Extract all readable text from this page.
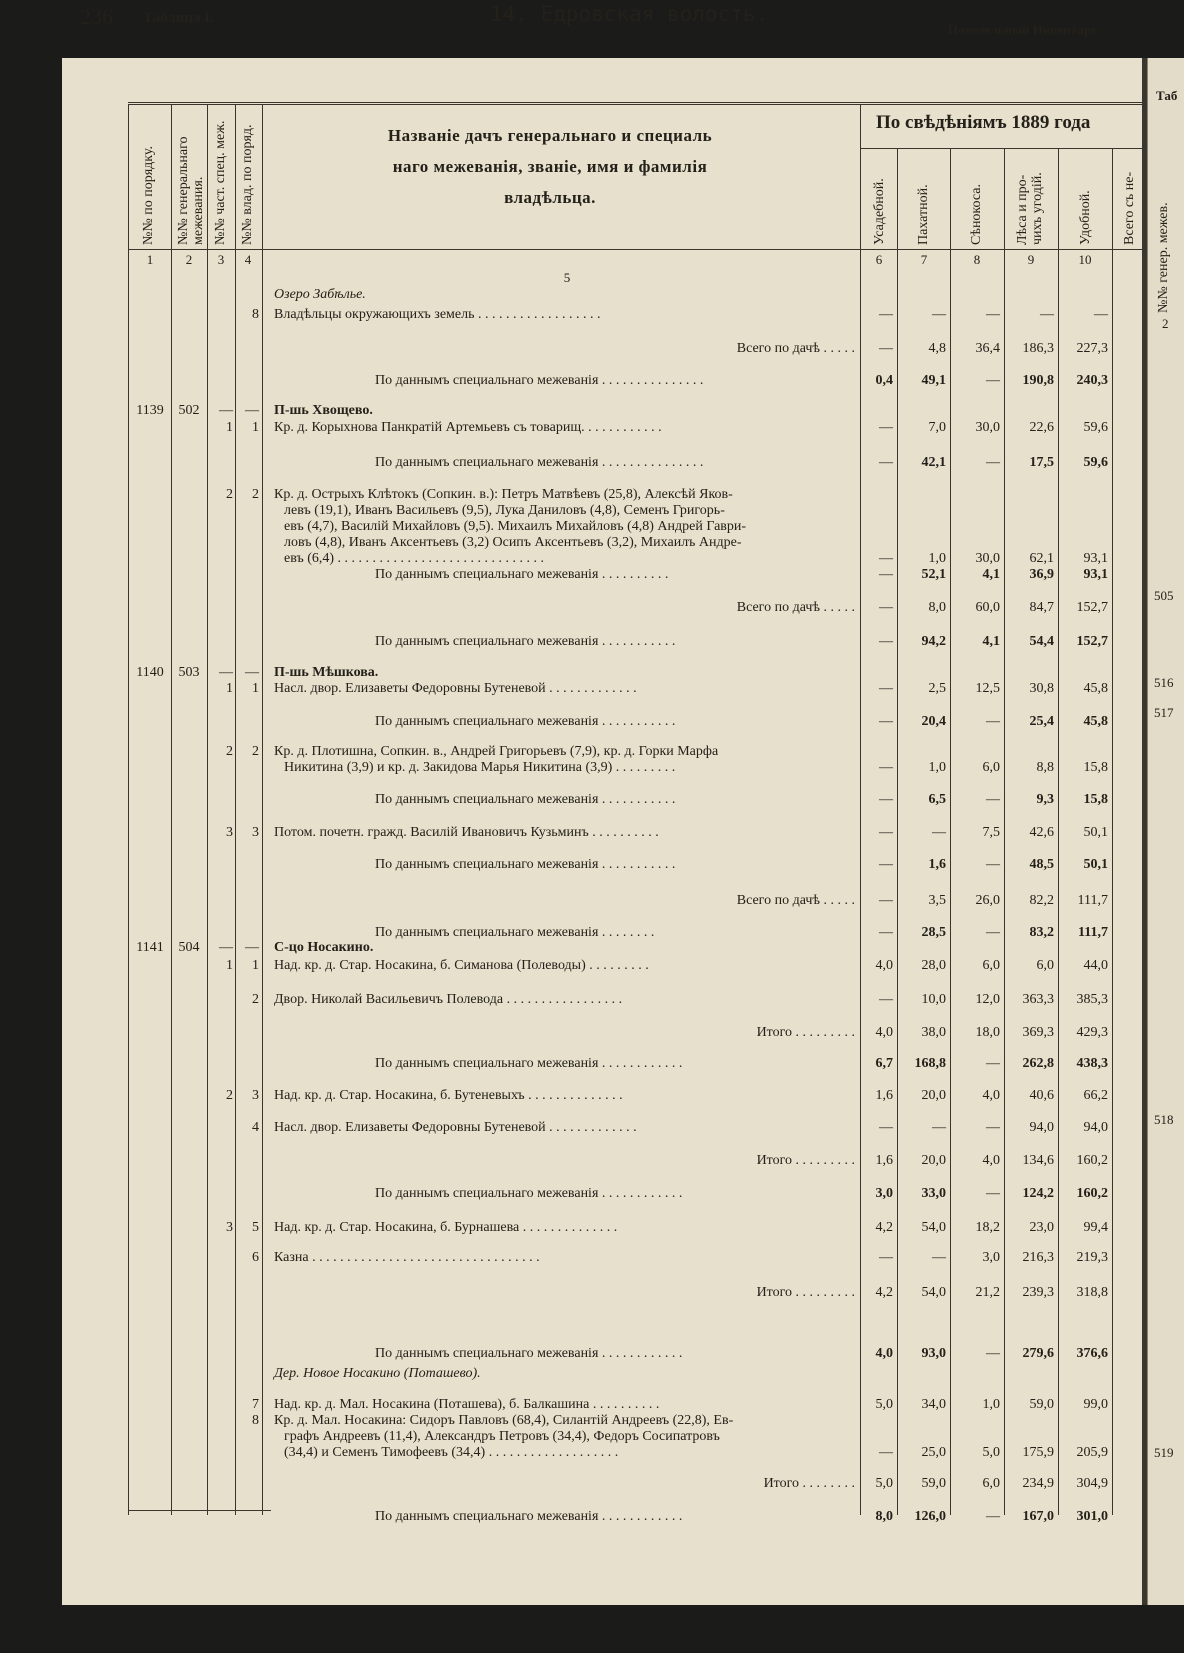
Таб
№№ генер. межев.
2
505
516
517
518
519
236 Таблица I.	14. Едровская волость.
Поземельный Инвентарь
№№ по порядку. №№ генеральнаго межевания. №№ част. спец. меж. №№ влад. по поряд.	Усадебной. Пахатной.	Сѣнокоса. Лѣса и про- чихъ угодій. Удобной. Всего съ не-
Названіе дачъ генеральнаго и специаль
наго межеванія, званіе, имя и фамилія
владѣльца.
По свѣдѣніямъ 1889 года
1	2	3	4
5
6	7	8	9	10
Озеро Забѣлье.
8 Владѣльцы окружающихъ земель . . . . . . . . . . . . . . . . . .	—	—	—	—	—
Всего по дачѣ . . . . . —	4,8 36,4 186,3 227,3
По даннымъ специальнаго межеванія . . . . . . . . . . . . . . .	0,4 49,1	— 190,8 240,3
1139	502	— — П-шь Хвощево.
1	1 Кр. д. Корыхнова Панкратій Артемьевъ съ товарищ. . . . . . . . . . . .	—	7,0 30,0 22,6 59,6
По даннымъ специальнаго межеванія . . . . . . . . . . . . . . .	— 42,1	— 17,5 59,6
2	2 Кр. д. Острыхъ Клѣтокъ (Сопкин. в.): Петръ Матвѣевъ (25,8), Алексѣй Яков-
левъ (19,1), Иванъ Васильевъ (9,5), Лука Даниловъ (4,8), Семенъ Григорь-
евъ (4,7), Василій Михайловъ (9,5). Михаилъ Михайловъ (4,8) Андрей Гаври-
ловъ (4,8), Иванъ Аксентьевъ (3,2) Осипъ Аксентьевъ (3,2), Михаилъ Андре-
евъ (6,4) . . . . . . . . . . . . . . . . . . . . . . . . . . . . . .	—	1,0 30,0 62,1 93,1
По даннымъ специальнаго межеванія . . . . . . . . . .	— 52,1	4,1 36,9 93,1
Всего по дачѣ . . . . . —	8,0 60,0 84,7 152,7
По даннымъ специальнаго межеванія . . . . . . . . . . .	— 94,2	4,1 54,4 152,7
1140	503	— — П-шь Мѣшкова.
1	1 Насл. двор. Елизаветы Федоровны Бутеневой . . . . . . . . . . . . .	—	2,5 12,5 30,8 45,8
По даннымъ специальнаго межеванія . . . . . . . . . . .	— 20,4	— 25,4 45,8
2	2 Кр. д. Плотишна, Сопкин. в., Андрей Григорьевъ (7,9), кр. д. Горки Марфа
Никитина (3,9) и кр. д. Закидова Марья Никитина (3,9) . . . . . . . . .	—	1,0	6,0	8,8 15,8
По даннымъ специальнаго межеванія . . . . . . . . . . .	—	6,5	—	9,3 15,8
3	3 Потом. почетн. гражд. Василій Ивановичъ Кузьминъ . . . . . . . . . .	—	—	7,5 42,6 50,1
По даннымъ специальнаго межеванія . . . . . . . . . . .	—	1,6	— 48,5 50,1
Всего по дачѣ . . . . . —	3,5 26,0 82,2 111,7
По даннымъ специальнаго межеванія . . . . . . . .	— 28,5	— 83,2 111,7
1141	504	— — С-цо Носакино.
1	1 Над. кр. д. Стар. Носакина, б. Симанова (Полеводы) . . . . . . . . .	4,0 28,0	6,0	6,0 44,0
2 Двор. Николай Васильевичъ Полевода . . . . . . . . . . . . . . . . .	— 10,0 12,0 363,3 385,3
Итого . . . . . . . . . 4,0 38,0 18,0 369,3 429,3
По даннымъ специальнаго межеванія . . . . . . . . . . . .	6,7 168,8	— 262,8 438,3
2	3 Над. кр. д. Стар. Носакина, б. Бутеневыхъ . . . . . . . . . . . . . .	1,6 20,0	4,0 40,6 66,2
4 Насл. двор. Елизаветы Федоровны Бутеневой . . . . . . . . . . . . .	—	—	— 94,0 94,0
Итого . . . . . . . . . 1,6 20,0	4,0 134,6 160,2
По даннымъ специальнаго межеванія . . . . . . . . . . . .	3,0 33,0	— 124,2 160,2
3	5 Над. кр. д. Стар. Носакина, б. Бурнашева . . . . . . . . . . . . . .	4,2 54,0 18,2 23,0 99,4
6 Казна . . . . . . . . . . . . . . . . . . . . . . . . . . . . . . . . .	—	—	3,0 216,3 219,3
Итого . . . . . . . . . 4,2 54,0 21,2 239,3 318,8
По даннымъ специальнаго межеванія . . . . . . . . . . . .	4,0 93,0	— 279,6 376,6
Дер. Новое Носакино (Поташево).
7 Над. кр. д. Мал. Носакина (Поташева), б. Балкашина . . . . . . . . . .	5,0 34,0	1,0 59,0 99,0
8 Кр. д. Мал. Носакина: Сидоръ Павловъ (68,4), Силантій Андреевъ (22,8), Ев-
графъ Андреевъ (11,4), Александръ Петровъ (34,4), Федоръ Сосипатровъ
(34,4) и Семенъ Тимофеевъ (34,4) . . . . . . . . . . . . . . . . . . .	— 25,0	5,0 175,9 205,9
Итого . . . . . . . . 5,0 59,0	6,0 234,9 304,9
По даннымъ специальнаго межеванія . . . . . . . . . . . .	8,0 126,0	— 167,0 301,0
